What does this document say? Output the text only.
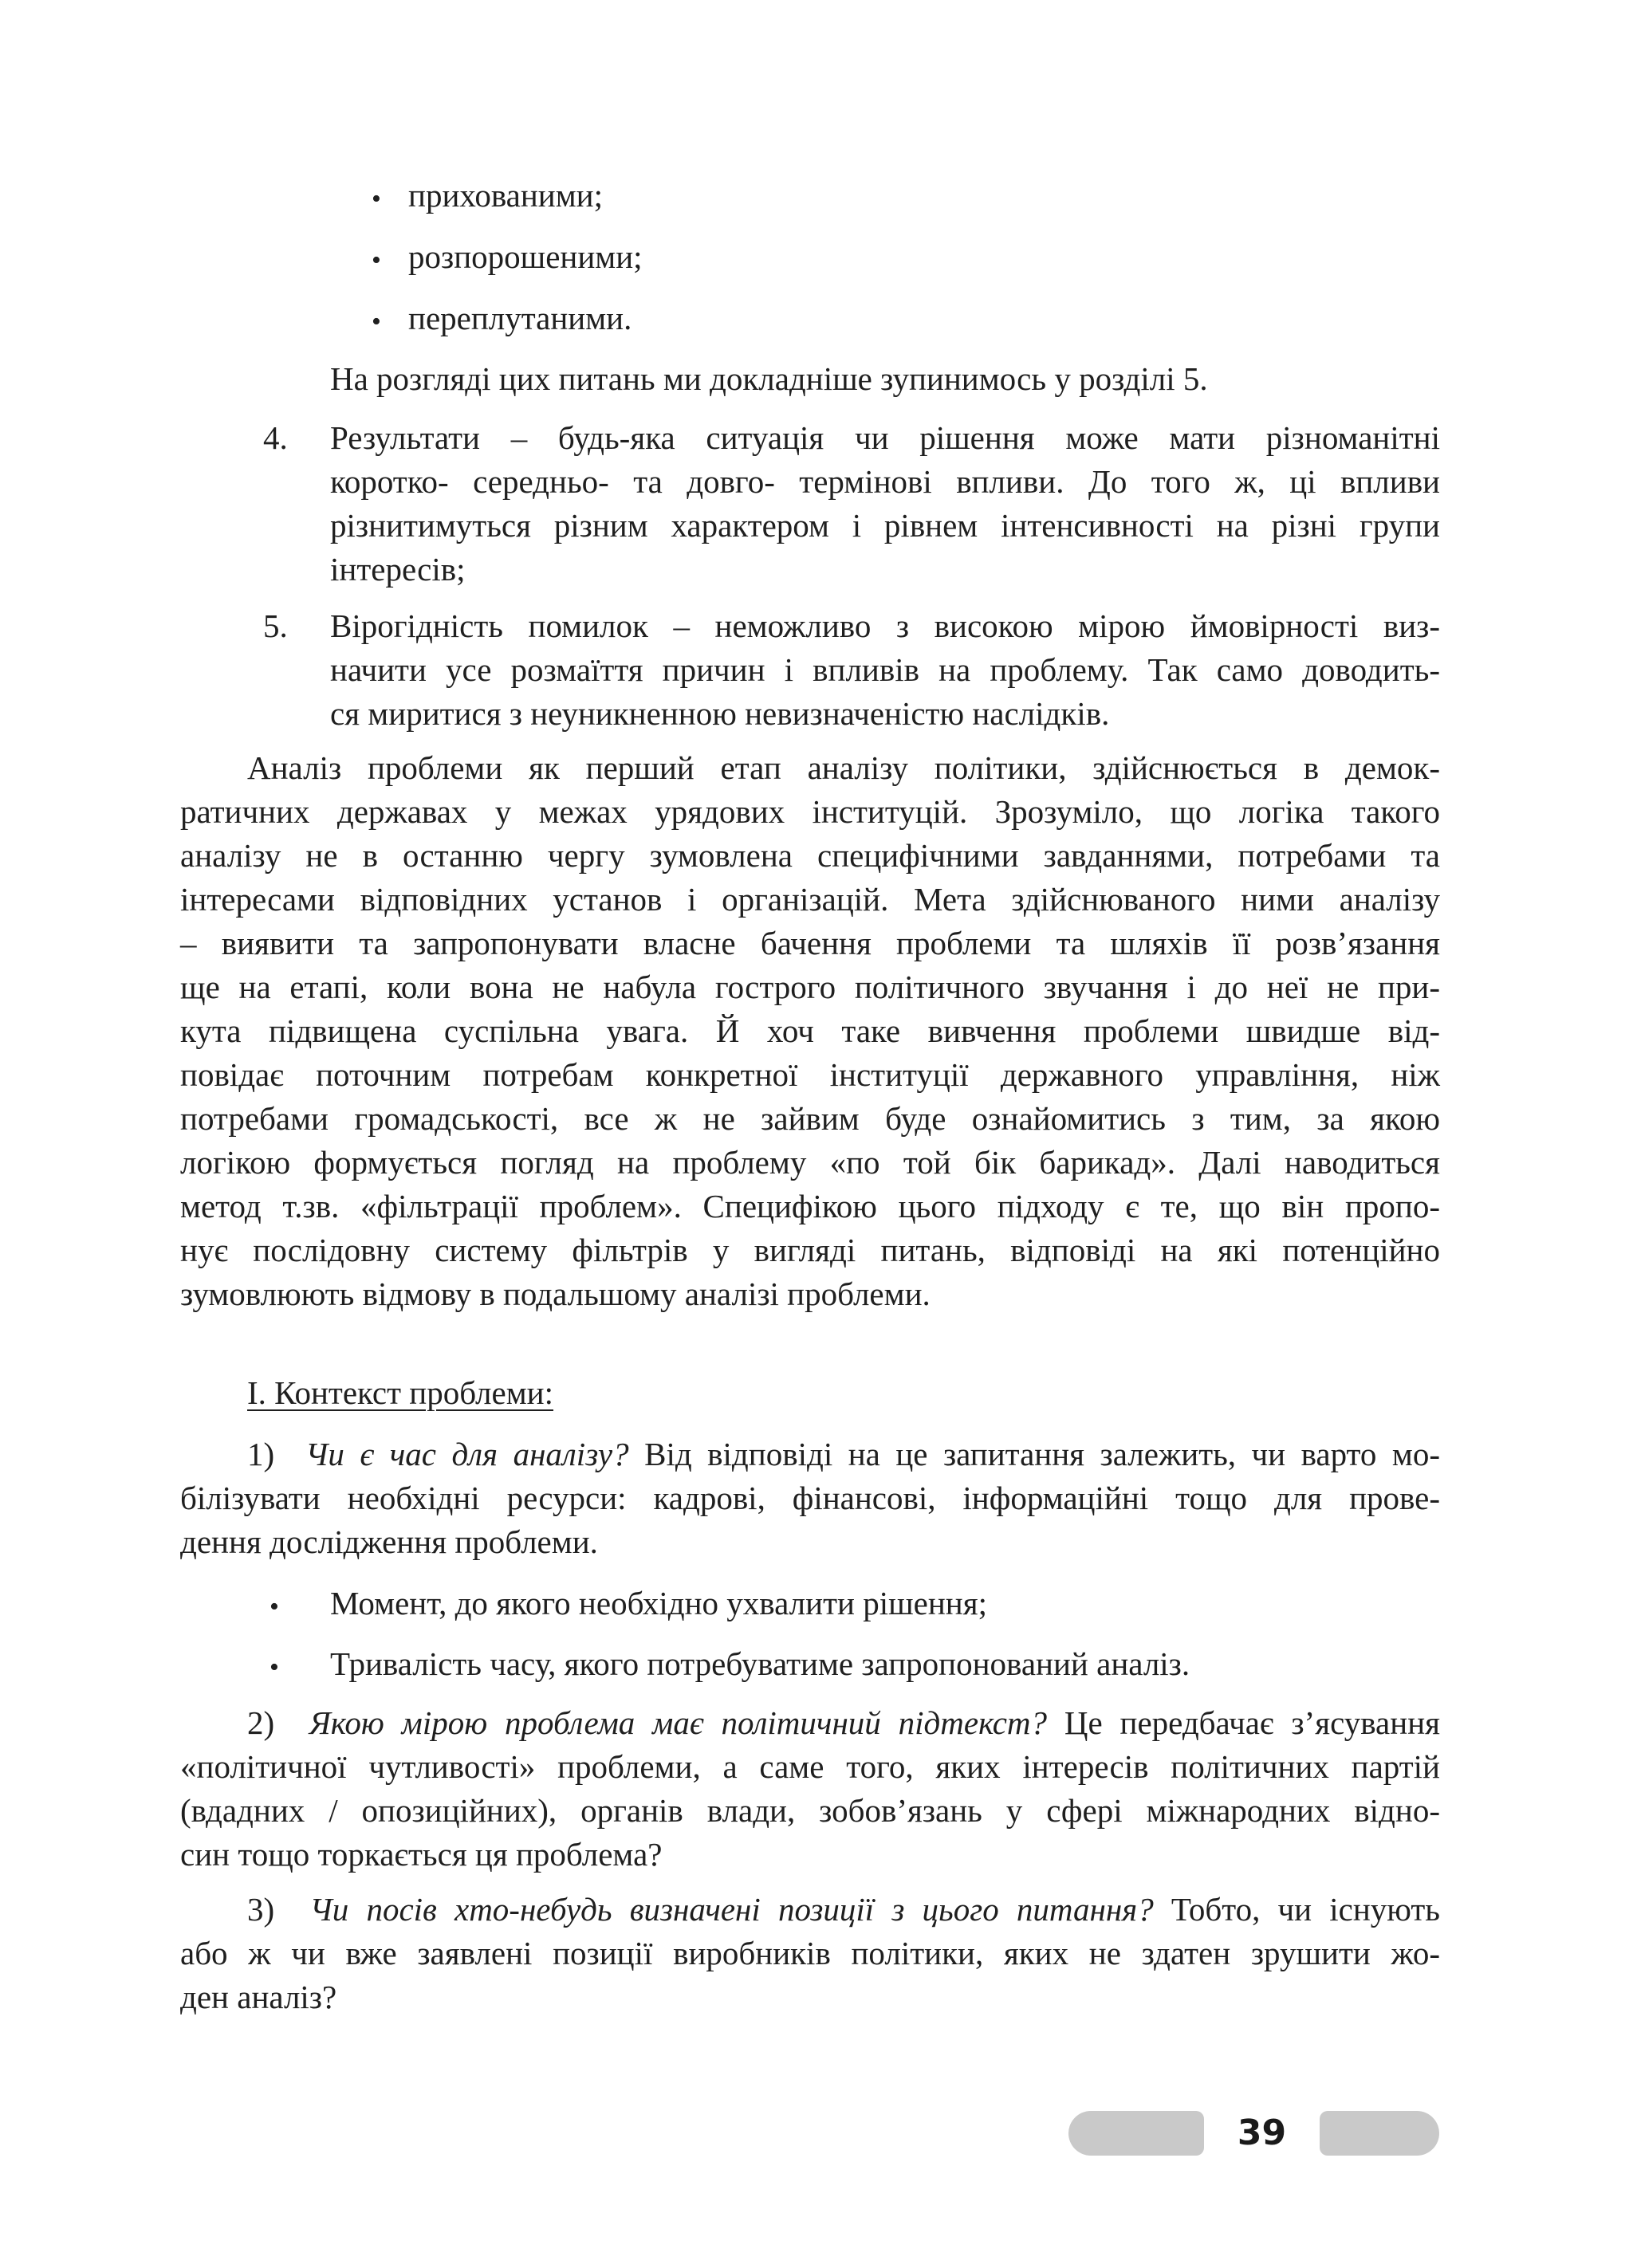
• прихованими;
• розпорошеними;
• переплутаними.
На розгляді цих питань ми докладніше зупинимось у розділі 5.
4. Результати – будь-яка ситуація чи рішення може мати різноманітні
коротко- середньо- та довго- термінові впливи. До того ж, ці впливи
різнитимуться різним характером і рівнем інтенсивності на різні групи
інтересів;
5. Вірогідність помилок – неможливо з високою мірою ймовірності виз-
начити усе розмаїття причин і впливів на проблему. Так само доводить-
ся миритися з неуникненною невизначеністю наслідків.
Аналіз проблеми як перший етап аналізу політики, здійснюється в демок-
ратичних державах у межах урядових інституцій. Зрозуміло, що логіка такого
аналізу не в останню чергу зумовлена специфічними завданнями, потребами та
інтересами відповідних установ і організацій. Мета здійснюваного ними аналізу
– виявити та запропонувати власне бачення проблеми та шляхів її розв’язання
ще на етапі, коли вона не набула гострого політичного звучання і до неї не при-
кута підвищена суспільна увага. Й хоч таке вивчення проблеми швидше від-
повідає поточним потребам конкретної інституції державного управління, ніж
потребами громадськості, все ж не зайвим буде ознайомитись з тим, за якою
логікою формується погляд на проблему «по той бік барикад». Далі наводиться
метод т.зв. «фільтрації проблем». Специфікою цього підходу є те, що він пропо-
нує послідовну систему фільтрів у вигляді питань, відповіді на які потенційно
зумовлюють відмову в подальшому аналізі проблеми.
І. Контекст проблеми:
1) Чи є час для аналізу? Від відповіді на це запитання залежить, чи варто мо-
білізувати необхідні ресурси: кадрові, фінансові, інформаційні тощо для прове-
дення дослідження проблеми.
• Момент, до якого необхідно ухвалити рішення;
• Тривалість часу, якого потребуватиме запропонований аналіз.
2) Якою мірою проблема має політичний підтекст? Це передбачає з’ясування
«політичної чутливості» проблеми, а саме того, яких інтересів політичних партій
(вдадних / опозиційних), органів влади, зобов’язань у сфері міжнародних відно-
син тощо торкається ця проблема?
3) Чи посів хто-небудь визначені позиції з цього питання? Тобто, чи існують
або ж чи вже заявлені позиції виробників політики, яких не здатен зрушити жо-
ден аналіз?
39
